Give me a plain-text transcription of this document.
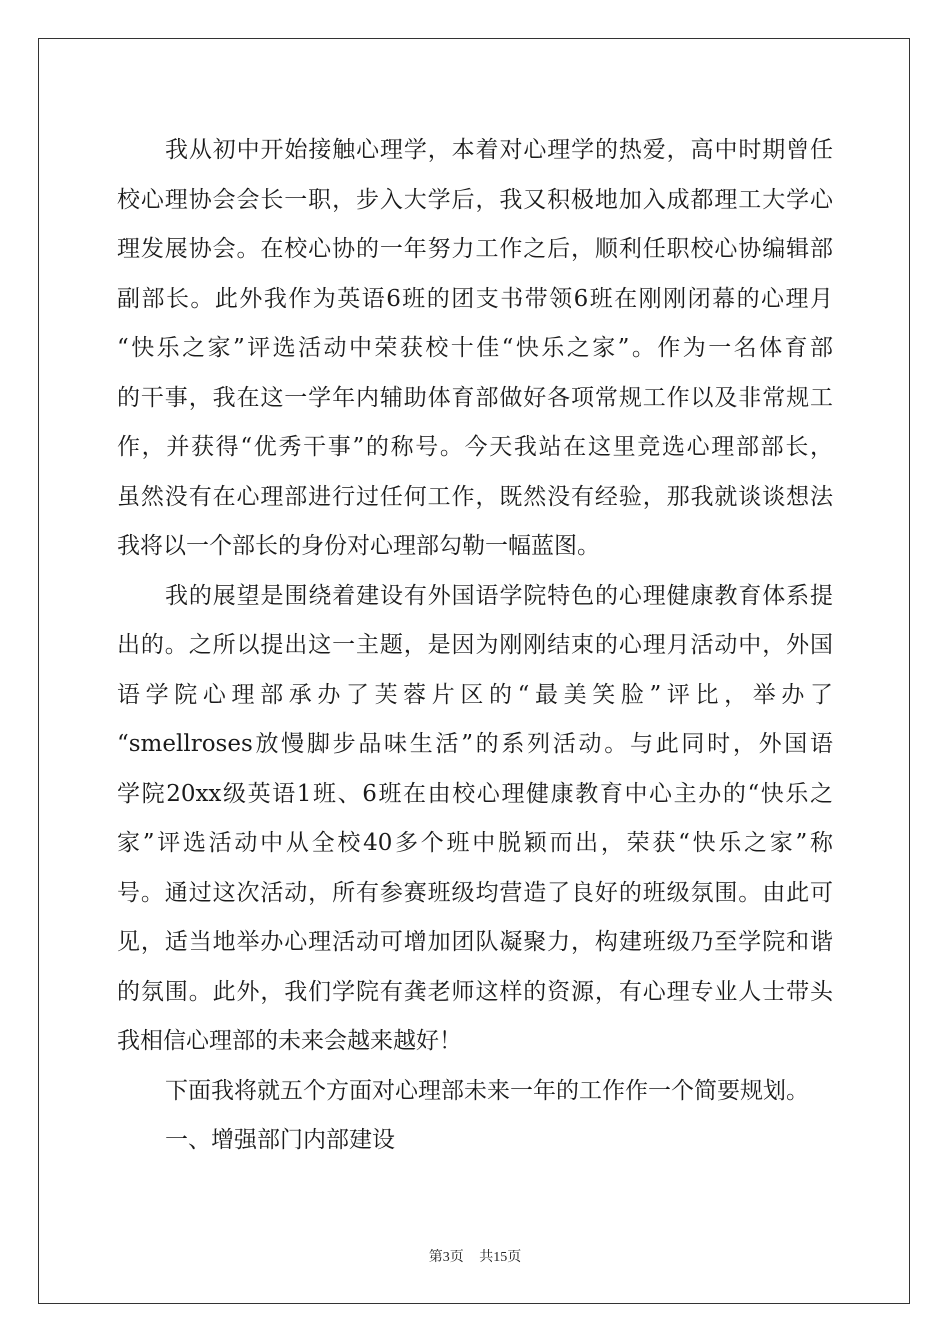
我从初中开始接触心理学，本着对心理学的热爱，高中时期曾任
校心理协会会长一职，步入大学后，我又积极地加入成都理工大学心
理发展协会。在校心协的一年努力工作之后，顺利任职校心协编辑部
副部长。此外我作为英语6班的团支书带领6班在刚刚闭幕的心理月
“快乐之家”评选活动中荣获校十佳“快乐之家”。作为一名体育部
的干事，我在这一学年内辅助体育部做好各项常规工作以及非常规工
作，并获得“优秀干事”的称号。今天我站在这里竞选心理部部长，
虽然没有在心理部进行过任何工作，既然没有经验，那我就谈谈想法
我将以一个部长的身份对心理部勾勒一幅蓝图。
我的展望是围绕着建设有外国语学院特色的心理健康教育体系提
出的。之所以提出这一主题，是因为刚刚结束的心理月活动中，外国
语学院心理部承办了芙蓉片区的“最美笑脸”评比，举办了
“smellroses放慢脚步品味生活”的系列活动。与此同时，外国语
学院20xx级英语1班、6班在由校心理健康教育中心主办的“快乐之
家”评选活动中从全校40多个班中脱颖而出，荣获“快乐之家”称
号。通过这次活动，所有参赛班级均营造了良好的班级氛围。由此可
见，适当地举办心理活动可增加团队凝聚力，构建班级乃至学院和谐
的氛围。此外，我们学院有龚老师这样的资源，有心理专业人士带头
我相信心理部的未来会越来越好！
下面我将就五个方面对心理部未来一年的工作作一个简要规划。
一、增强部门内部建设
第3页 共15页
